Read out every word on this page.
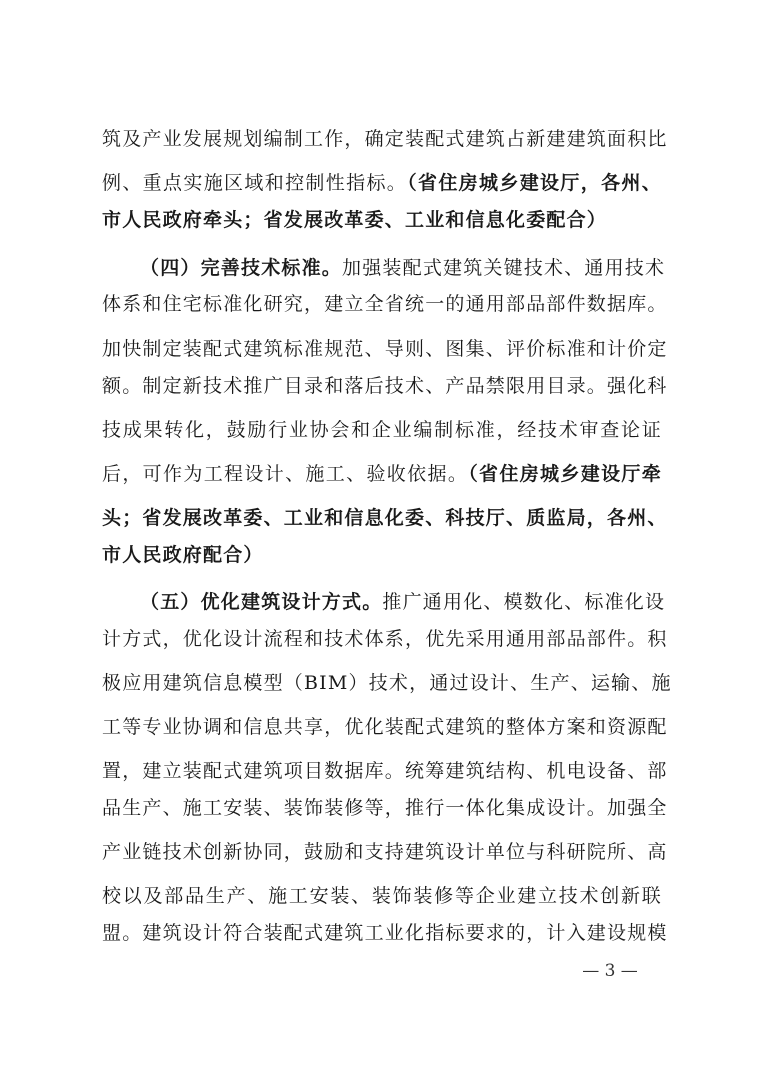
筑及产业发展规划编制工作，确定装配式建筑占新建建筑面积比
例、重点实施区域和控制性指标。（省住房城乡建设厅，各州、
市人民政府牵头；省发展改革委、工业和信息化委配合）
（四）完善技术标准。加强装配式建筑关键技术、通用技术
体系和住宅标准化研究，建立全省统一的通用部品部件数据库。
加快制定装配式建筑标准规范、导则、图集、评价标准和计价定
额。制定新技术推广目录和落后技术、产品禁限用目录。强化科
技成果转化，鼓励行业协会和企业编制标准，经技术审查论证
后，可作为工程设计、施工、验收依据。（省住房城乡建设厅牵
头；省发展改革委、工业和信息化委、科技厅、质监局，各州、
市人民政府配合）
（五）优化建筑设计方式。推广通用化、模数化、标准化设
计方式，优化设计流程和技术体系，优先采用通用部品部件。积
极应用建筑信息模型（BIM）技术，通过设计、生产、运输、施
工等专业协调和信息共享，优化装配式建筑的整体方案和资源配
置，建立装配式建筑项目数据库。统筹建筑结构、机电设备、部
品生产、施工安装、装饰装修等，推行一体化集成设计。加强全
产业链技术创新协同，鼓励和支持建筑设计单位与科研院所、高
校以及部品生产、施工安装、装饰装修等企业建立技术创新联
盟。建筑设计符合装配式建筑工业化指标要求的，计入建设规模
— 3 —
